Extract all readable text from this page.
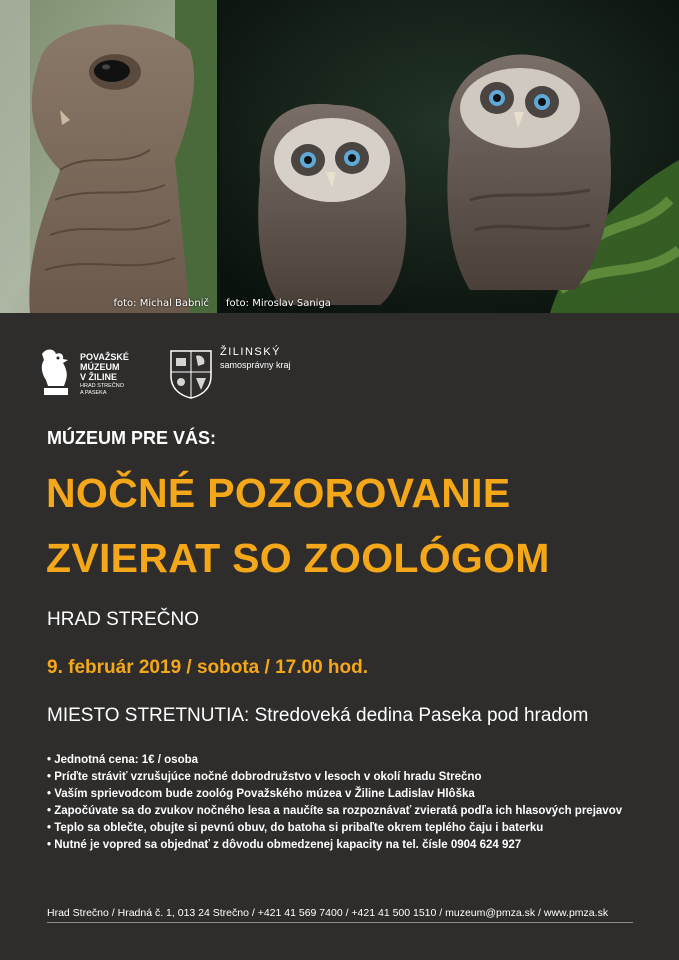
foto: Michal Babnič foto: Miroslav Saniga
POVAŽSKÉ
MÚZEUM
V ŽILINE
HRAD STREČNO
A PASEKA
ŽILINSKÝ
samosprávny kraj
MÚZEUM PRE VÁS:
NOČNÉ POZOROVANIE
ZVIERAT SO ZOOLÓGOM
HRAD STREČNO
9. február 2019 / sobota / 17.00 hod.
MIESTO STRETNUTIA: Stredoveká dedina Paseka pod hradom
• Jednotná cena: 1€ / osoba
• Príďte stráviť vzrušujúce nočné dobrodružstvo v lesoch v okolí hradu Strečno
• Vaším sprievodcom bude zoológ Považského múzea v Žiline Ladislav Hlôška
• Započúvate sa do zvukov nočného lesa a naučíte sa rozpoznávať zvieratá podľa ich hlasových prejavov
• Teplo sa oblečte, obujte si pevnú obuv, do batoha si pribaľte okrem teplého čaju i baterku
• Nutné je vopred sa objednať z dôvodu obmedzenej kapacity na tel. čísle 0904 624 927
Hrad Strečno / Hradná č. 1, 013 24 Strečno / +421 41 569 7400 / +421 41 500 1510 / muzeum@pmza.sk / www.pmza.sk
